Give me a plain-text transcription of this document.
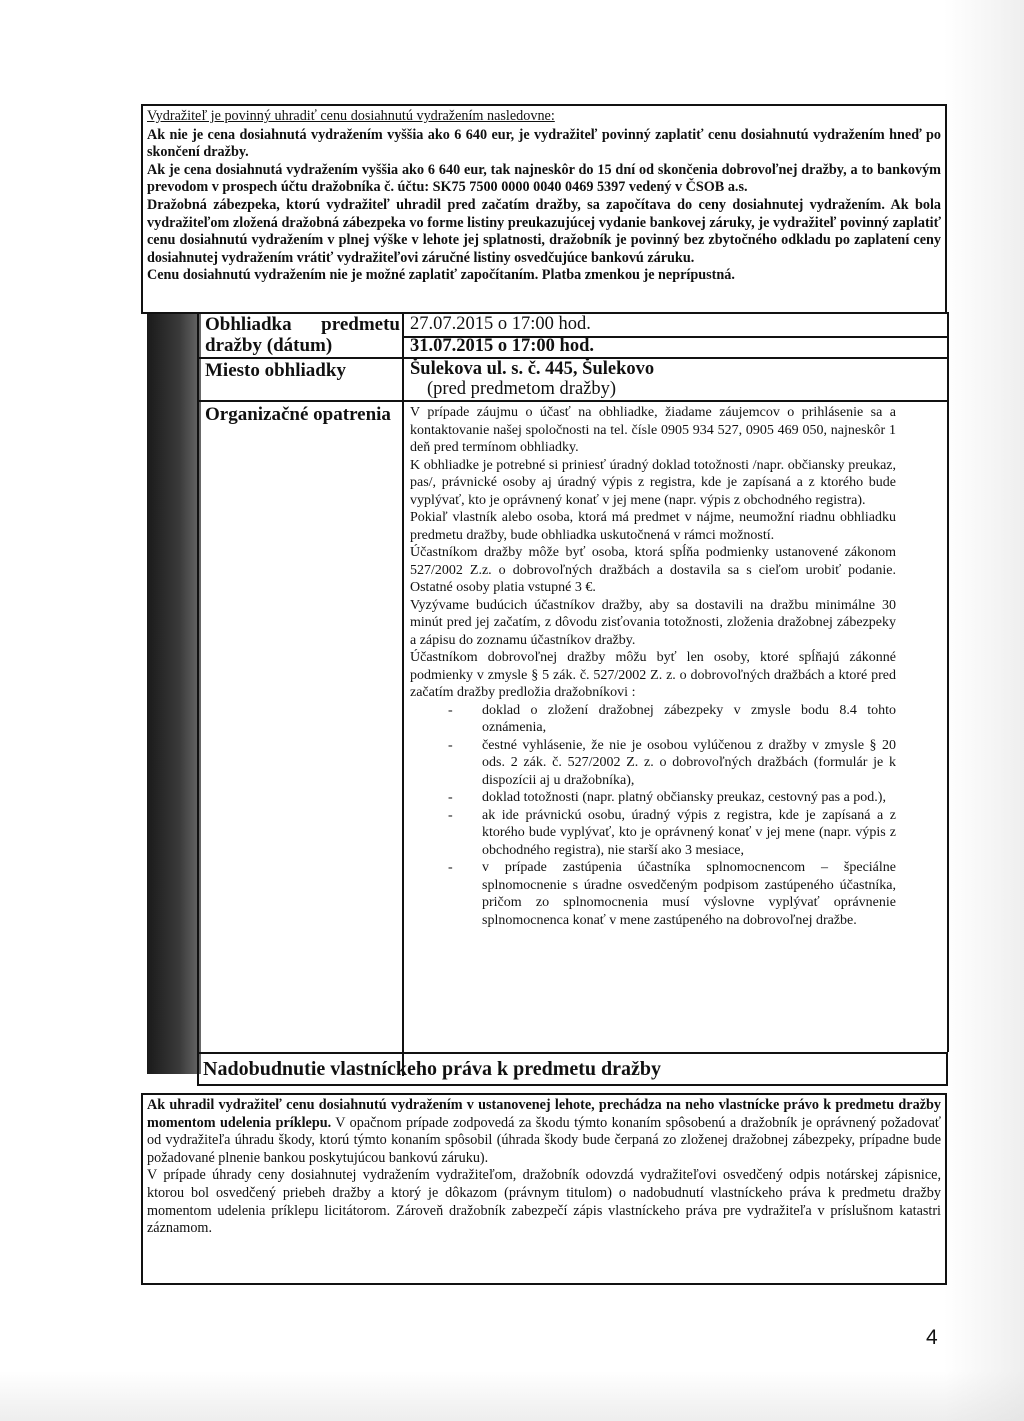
Vydražiteľ je povinný uhradiť cenu dosiahnutú vydražením nasledovne:

Ak nie je cena dosiahnutá vydražením vyššia ako 6 640 eur, je vydražiteľ povinný zaplatiť cenu dosiahnutú vydražením hneď po skončení dražby.

Ak je cena dosiahnutá vydražením vyššia ako 6 640 eur, tak najneskôr do 15 dní od skončenia dobrovoľnej dražby, a to bankovým prevodom v prospech účtu dražobníka č. účtu: SK75 7500 0000 0040 0469 5397 vedený v ČSOB a.s.

Dražobná zábezpeka, ktorú vydražiteľ uhradil pred začatím dražby, sa započítava do ceny dosiahnutej vydražením. Ak bola vydražiteľom zložená dražobná zábezpeka vo forme listiny preukazujúcej vydanie bankovej záruky, je vydražiteľ povinný zaplatiť cenu dosiahnutú vydražením v plnej výške v lehote jej splatnosti, dražobník je povinný bez zbytočného odkladu po zaplatení ceny dosiahnutej vydražením vrátiť vydražiteľovi záručné listiny osvedčujúce bankovú záruku.

Cenu dosiahnutú vydražením nie je možné zaplatiť započítaním. Platba zmenkou je neprípustná.

Obhliadka predmetu dražby (dátum)
27.07.2015 o 17:00 hod.
31.07.2015 o 17:00 hod.
Miesto obhliadky	Šulekova ul. s. č. 445, Šulekovo
(pred predmetom dražby)
Organizačné opatrenia	V prípade záujmu o účasť na obhliadke, žiadame záujemcov o prihlásenie sa a kontaktovanie našej spoločnosti na tel. čísle 0905 934 527, 0905 469 050, najneskôr 1 deň pred termínom obhliadky.

K obhliadke je potrebné si priniesť úradný doklad totožnosti /napr. občiansky preukaz, pas/, právnické osoby aj úradný výpis z registra, kde je zapísaná a z ktorého bude vyplývať, kto je oprávnený konať v jej mene (napr. výpis z obchodného registra).

Pokiaľ vlastník alebo osoba, ktorá má predmet v nájme, neumožní riadnu obhliadku predmetu dražby, bude obhliadka uskutočnená v rámci možností.

Účastníkom dražby môže byť osoba, ktorá spĺňa podmienky ustanovené zákonom 527/2002 Z.z. o dobrovoľných dražbách a dostavila sa s cieľom urobiť podanie. Ostatné osoby platia vstupné 3 €.

Vyzývame budúcich účastníkov dražby, aby sa dostavili na dražbu minimálne 30 minút pred jej začatím, z dôvodu zisťovania totožnosti, zloženia dražobnej zábezpeky a zápisu do zoznamu účastníkov dražby.

Účastníkom dobrovoľnej dražby môžu byť len osoby, ktoré spĺňajú zákonné podmienky v zmysle § 5 zák. č. 527/2002 Z. z. o dobrovoľných dražbách a ktoré pred začatím dražby predložia dražobníkovi :

- doklad o zložení dražobnej zábezpeky v zmysle bodu 8.4 tohto oznámenia,
- čestné vyhlásenie, že nie je osobou vylúčenou z dražby v zmysle § 20 ods. 2 zák. č. 527/2002 Z. z. o dobrovoľných dražbách (formulár je k dispozícii aj u dražobníka),
- doklad totožnosti (napr. platný občiansky preukaz, cestovný pas a pod.),
- ak ide právnickú osobu, úradný výpis z registra, kde je zapísaná a z ktorého bude vyplývať, kto je oprávnený konať v jej mene (napr. výpis z obchodného registra), nie starší ako 3 mesiace,
- v prípade zastúpenia účastníka splnomocnencom – špeciálne splnomocnenie s úradne osvedčeným podpisom zastúpeného účastníka, pričom zo splnomocnenia musí výslovne vyplývať oprávnenie splnomocnenca konať v mene zastúpeného na dobrovoľnej dražbe.
Nadobudnutie vlastníckeho práva k predmetu dražby

Ak uhradil vydražiteľ cenu dosiahnutú vydražením v ustanovenej lehote, prechádza na neho vlastnícke právo k predmetu dražby momentom udelenia príklepu. V opačnom prípade zodpovedá za škodu týmto konaním spôsobenú a dražobník je oprávnený požadovať od vydražiteľa úhradu škody, ktorú týmto konaním spôsobil (úhrada škody bude čerpaná zo zloženej dražobnej zábezpeky, prípadne bude požadované plnenie bankou poskytujúcou bankovú záruku).

V prípade úhrady ceny dosiahnutej vydražením vydražiteľom, dražobník odovzdá vydražiteľovi osvedčený odpis notárskej zápisnice, ktorou bol osvedčený priebeh dražby a ktorý je dôkazom (právnym titulom) o nadobudnutí vlastníckeho práva k predmetu dražby momentom udelenia príklepu licitátorom. Zároveň dražobník zabezpečí zápis vlastníckeho práva pre vydražiteľa v príslušnom katastri záznamom.

4
